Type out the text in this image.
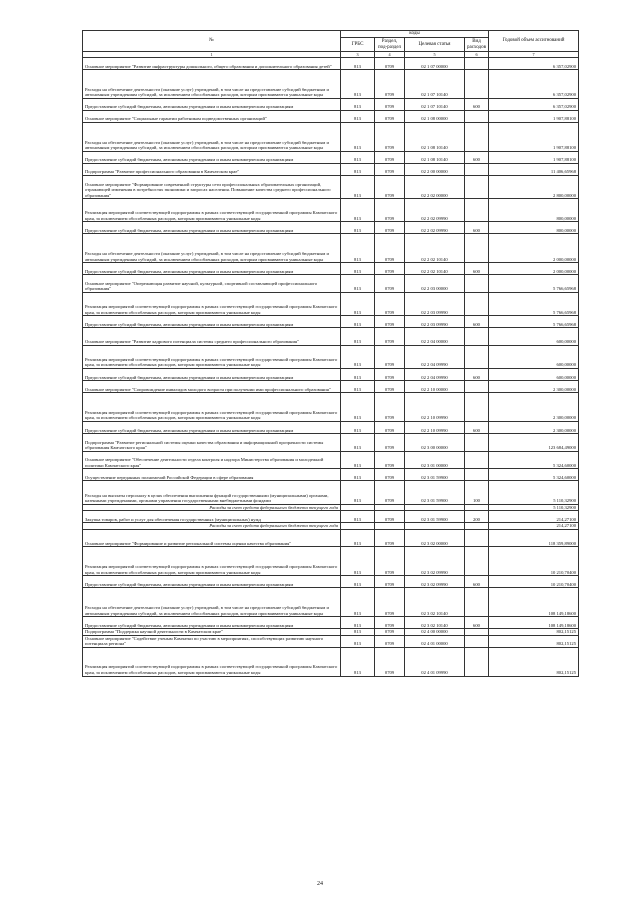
№	коды				Годовой объем ассигнований
	ГРБС	Раздел, под-раздел	Целевая статья	Вид расходов	
1	3	4	5	6	7
Основное мероприятие "Развитие инфраструктуры дошкольного, общего образования и дополнительного образования детей"	813	0709	02 1 07 00000		6 357,02900

Расходы на обеспечение деятельности (оказание услуг) учреждений, в том числе на предоставление субсидий бюджетным и автономным учреждениям субсидий, за исключением обособленных расходов, которым присваиваются уникальные коды	813	0709	02 1 07 10140		6 357,02900
Предоставление субсидий бюджетным, автономным учреждениям и иным некоммерческим организациям	813	0709	02 1 07 10140	600	6 357,02900
Основное мероприятие "Социальные гарантии работникам подведомственных организаций"	813	0709	02 1 08 00000		1 907,88100

Расходы на обеспечение деятельности (оказание услуг) учреждений, в том числе на предоставление субсидий бюджетным и автономным учреждениям субсидий, за исключением обособленных расходов, которым присваиваются уникальные коды	813	0709	02 1 08 10140		1 907,88100
Предоставление субсидий бюджетным, автономным учреждениям и иным некоммерческим организациям	813	0709	02 1 08 10140	600	1 907,88100

Подпрограмма "Развитие профессионального образования в Камчатском крае"	813	0709	02 2 00 00000		11 406,65968
Основное мероприятие "Формирование современной структуры сети профессиональных образовательных организаций, отражающей изменения в потребностях экономики и запросах населения. Повышение качества среднего профессионального образования"	813	0709	02 2 02 00000		2 800,00000

Реализация мероприятий соответствующей подпрограммы в рамках соответствующей государственной программы Камчатского края, за исключением обособленных расходов, которым присваиваются уникальные коды	813	0709	02 2 02 09990		800,00000
Предоставление субсидий бюджетным, автономным учреждениям и иным некоммерческим организациям	813	0709	02 2 02 09990	600	800,00000

Расходы на обеспечение деятельности (оказание услуг) учреждений, в том числе на предоставление субсидий бюджетным и автономным учреждениям субсидий, за исключением обособленных расходов, которым присваиваются уникальные коды	813	0709	02 2 02 10140		2 000,00000
Предоставление субсидий бюджетным, автономным учреждениям и иным некоммерческим организациям	813	0709	02 2 02 10140	600	2 000,00000
Основное мероприятие "Опережающая развитие научной, культурной, спортивной составляющей профессионального образования"	813	0709	02 2 03 00000		5 766,65968

Реализация мероприятий соответствующей подпрограммы в рамках соответствующей государственной программы Камчатского края, за исключением обособленных расходов, которым присваиваются уникальные коды	813	0709	02 2 03 09990		5 766,65968
Предоставление субсидий бюджетным, автономным учреждениям и иным некоммерческим организациям	813	0709	02 2 03 09990	600	5 766,65968
Основное мероприятие "Развитие кадрового потенциала системы среднего профессионального образования"	813	0709	02 2 04 00000		600,00000

Реализация мероприятий соответствующей подпрограммы в рамках соответствующей государственной программы Камчатского края, за исключением обособленных расходов, которым присваиваются уникальные коды	813	0709	02 2 04 09990		600,00000
Предоставление субсидий бюджетным, автономным учреждениям и иным некоммерческим организациям	813	0709	02 2 04 09990	600	600,00000
Основное мероприятие "Сопровождение инвалидов молодого возраста при получении ими профессионального образования"	813	0709	02 2 10 00000		2 300,00000

Реализация мероприятий соответствующей подпрограммы в рамках соответствующей государственной программы Камчатского края, за исключением обособленных расходов, которым присваиваются уникальные коды	813	0709	02 2 10 09990		2 300,00000
Предоставление субсидий бюджетным, автономным учреждениям и иным некоммерческим организациям	813	0709	02 2 10 09990	600	2 300,00000

Подпрограмма "Развитие региональной системы оценки качества образования и информационной прозрачности системы образования Камчатского края"	813	0709	02 3 00 00000		123 684,49000

Основное мероприятие "Обеспечение деятельности отдела контроля и надзора Министерства образования и молодежной политики Камчатского края"	813	0709	02 3 01 00000		5 324,60000

Осуществление переданных полномочий Российской Федерации в сфере образования	813	0709	02 3 01 59900		5 324,60000
Расходы на выплаты персоналу в целях обеспечения выполнения функций государственными (муниципальными) органами, казенными учреждениями, органами управления государственными внебюджетными фондами	813	0709	02 3 01 59900	100	5 110,32900
Расходы за счет средств федерального бюджета текущего года					5 110,32900
Закупка товаров, работ и услуг для обеспечения государственных (муниципальных) нужд	813	0709	02 3 01 59900	200	214,27100
Расходы за счет средств федерального бюджета текущего года					214,27100
Основное мероприятие "Формирование и развитие региональной системы оценки качества образования"	813	0709	02 3 02 00000		118 359,89000

Реализация мероприятий соответствующей подпрограммы в рамках соответствующей государственной программы Камчатского края, за исключением обособленных расходов, которым присваиваются уникальные коды	813	0709	02 3 02 09990		10 210,70400
Предоставление субсидий бюджетным, автономным учреждениям и иным некоммерческим организациям	813	0709	02 3 02 09990	600	10 210,70400

Расходы на обеспечение деятельности (оказание услуг) учреждений, в том числе на предоставление субсидий бюджетным и автономным учреждениям субсидий, за исключением обособленных расходов, которым присваиваются уникальные коды	813	0709	02 3 02 10140		108 149,18600
Предоставление субсидий бюджетным, автономным учреждениям и иным некоммерческим организациям	813	0709	02 3 02 10140	600	108 149,18600
Подпрограмма "Поддержка научной деятельности в Камчатском крае"	813	0709	02 4 00 00000		802,15125
Основное мероприятие "Содействие ученым Камчатки по участию в мероприятиях, способствующих развитию научного потенциала региона"	813	0709	02 4 01 00000		802,15125

Реализация мероприятий соответствующей подпрограммы в рамках соответствующей государственной программы Камчатского края, за исключением обособленных расходов, которым присваиваются уникальные коды	813	0709	02 4 01 09990		802,15125
24
